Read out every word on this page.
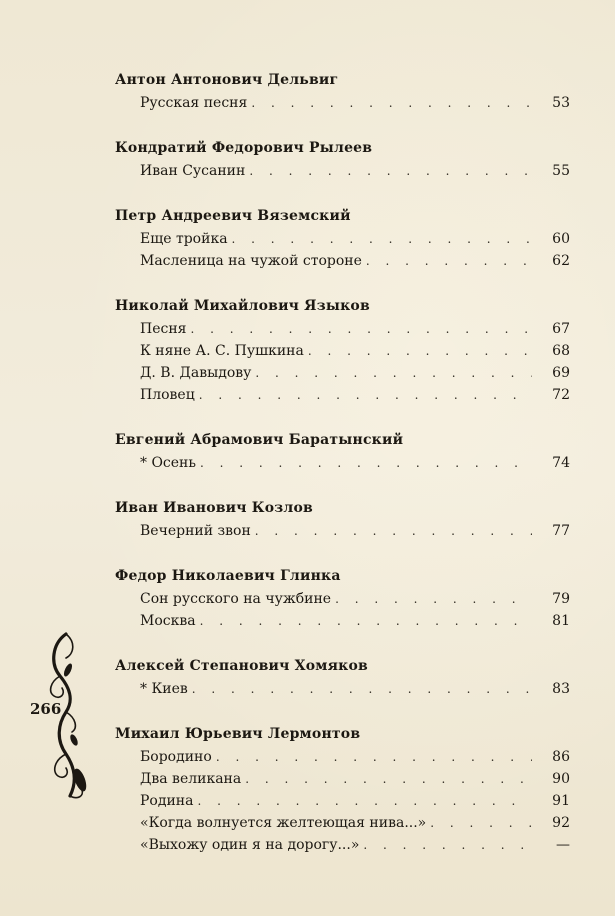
Антон Антонович Дельвиг
Русская песня . . .	53
Кондратий Федорович Рылеев
Иван Сусанин . . .	55
Петр Андреевич Вяземский
Еще тройка . . .	60
Масленица на чужой стороне . . .	62
Николай Михайлович Языков
Песня . . .	67
К няне А. С. Пушкина . . .	68
Д. В. Давыдову . . .	69
Пловец . . .	72
Евгений Абрамович Баратынский
* Осень . . .	74
Иван Иванович Козлов
Вечерний звон . . .	77
Федор Николаевич Глинка
Сон русского на чужбине . . .	79
Москва . . .	81
Алексей Степанович Хомяков
* Киев . . .	83
Михаил Юрьевич Лермонтов
Бородино . . .	86
Два великана . . .	90
Родина . . .	91
«Когда волнуется желтеющая нива...» . . .	92
«Выхожу один я на дорогу...» . . .	—
266
